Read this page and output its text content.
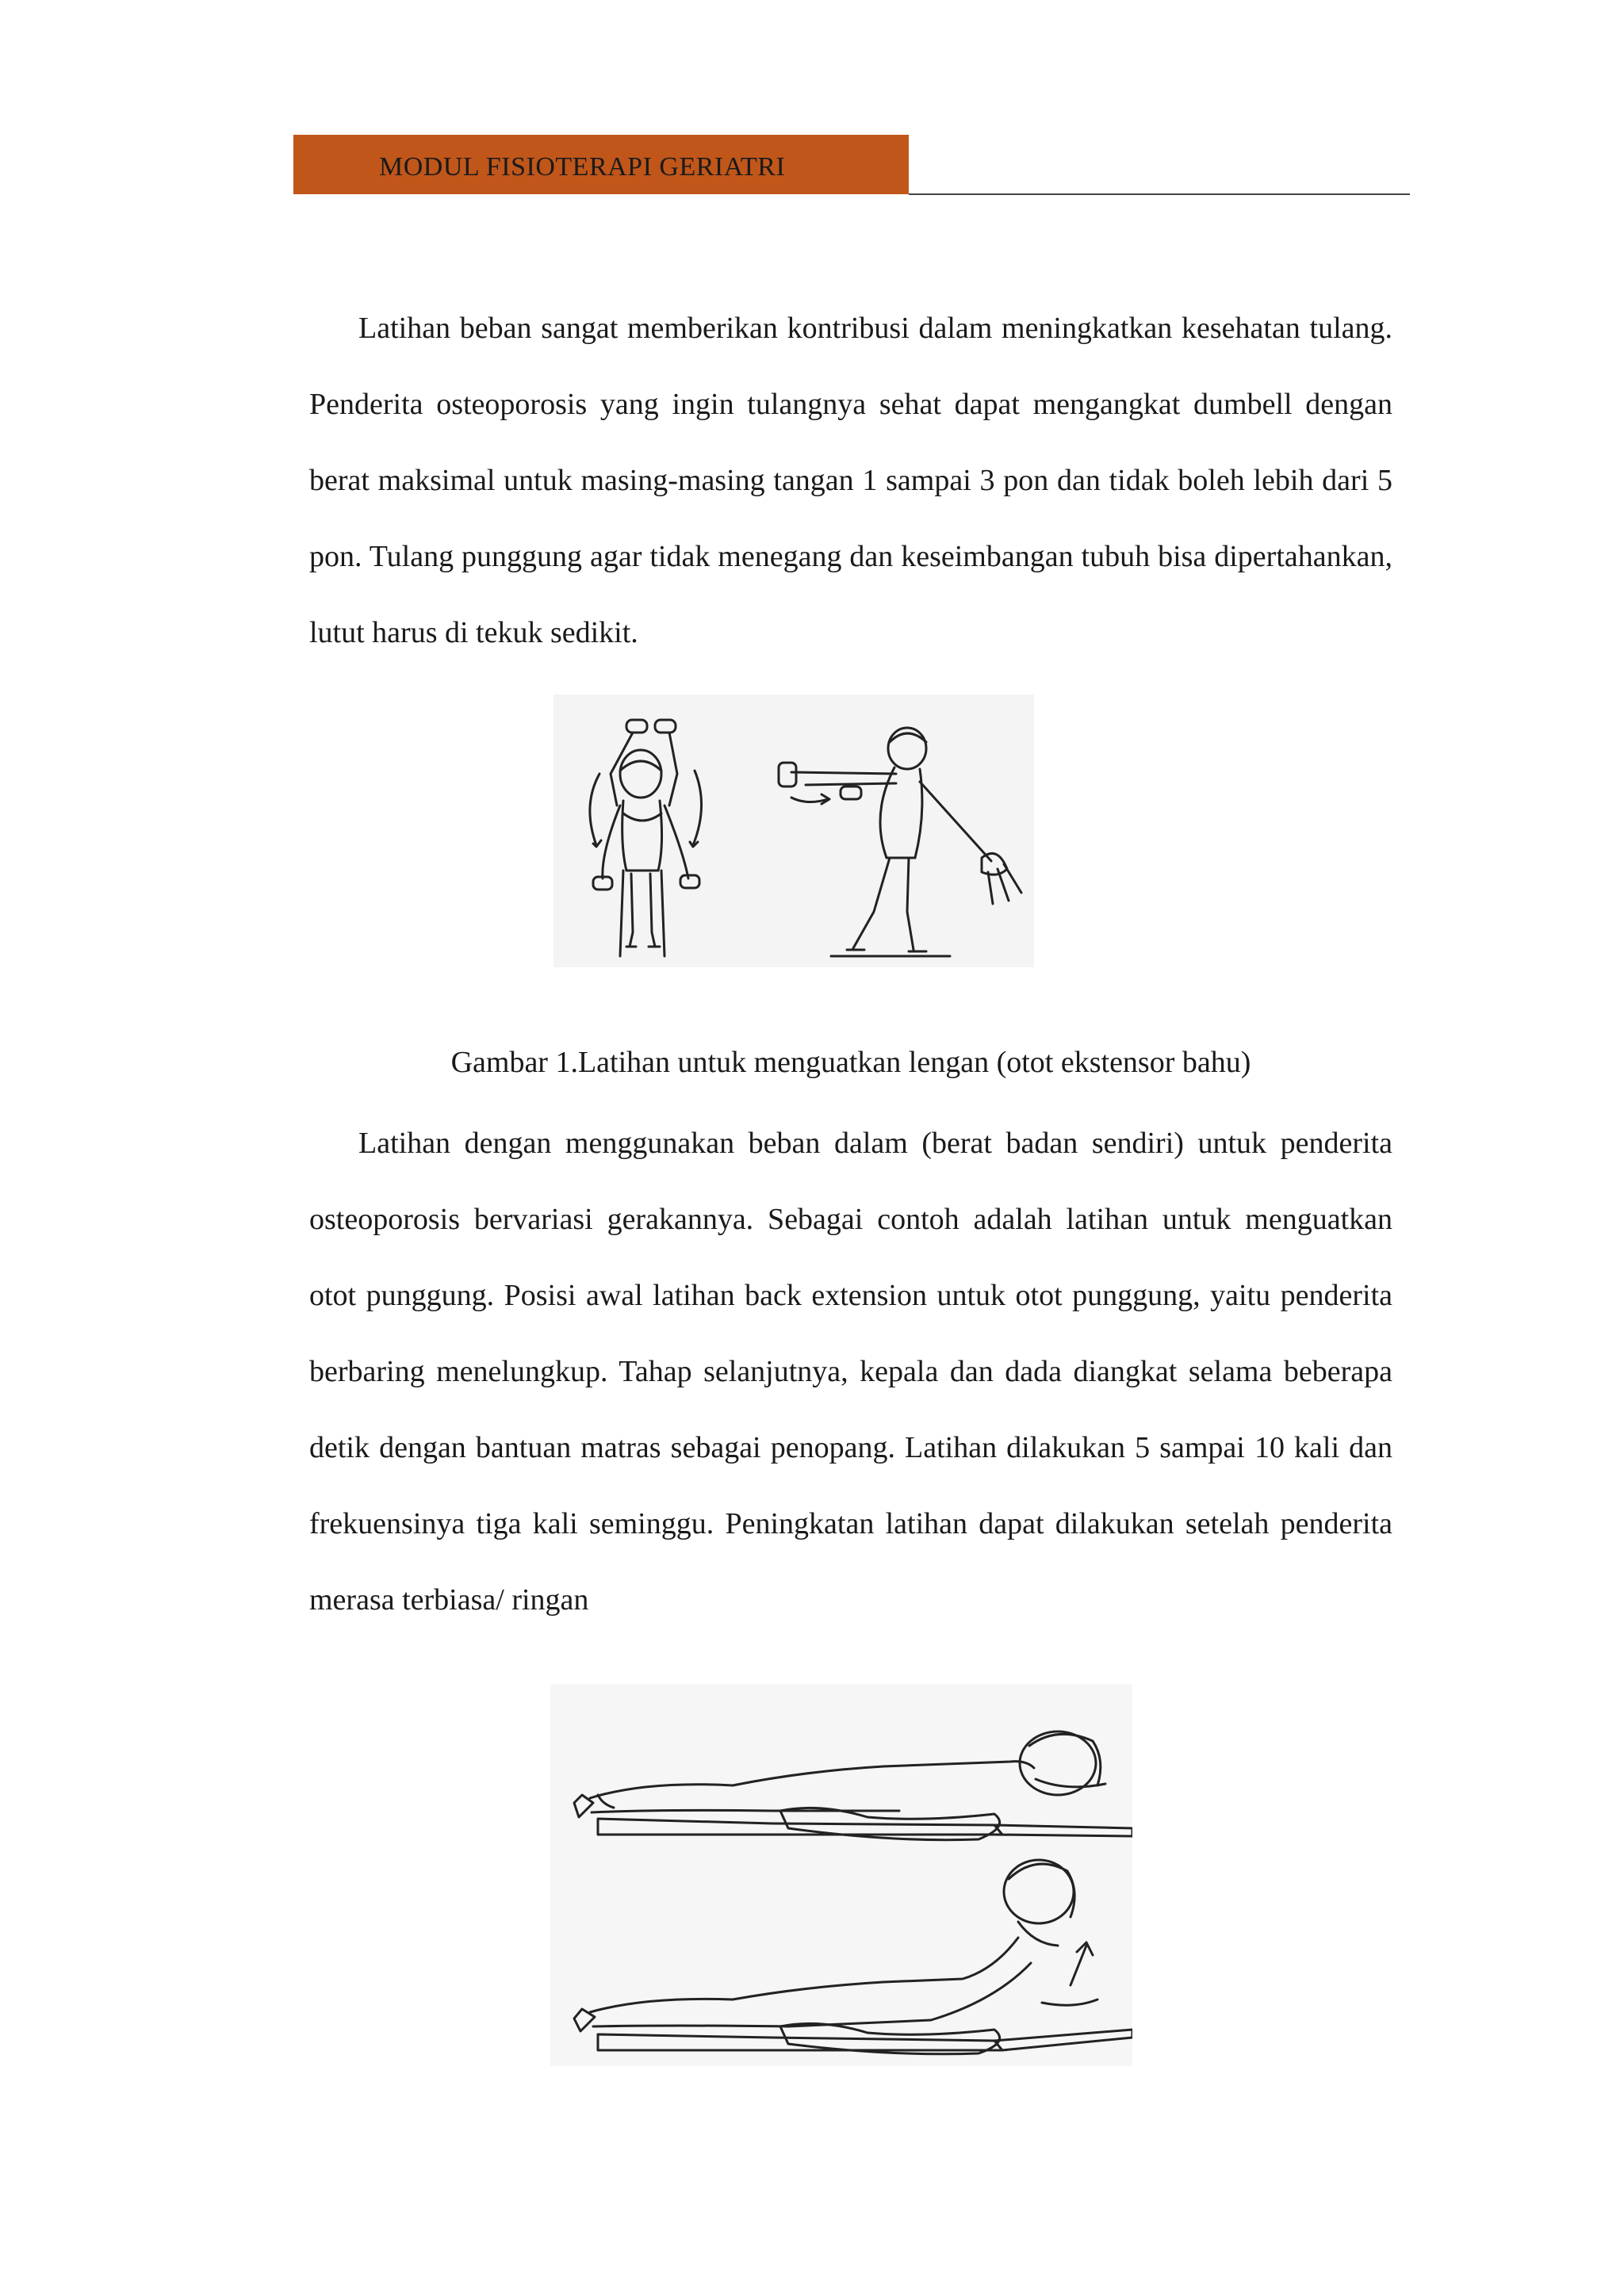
MODUL FISIOTERAPI GERIATRI

Latihan beban sangat memberikan kontribusi dalam meningkatkan kesehatan tulang. Penderita osteoporosis yang ingin tulangnya sehat dapat mengangkat dumbell dengan berat maksimal untuk masing-masing tangan 1 sampai 3 pon dan tidak boleh lebih dari 5 pon. Tulang punggung agar tidak menegang dan keseimbangan tubuh bisa dipertahankan, lutut harus di tekuk sedikit.

Gambar 1.Latihan untuk menguatkan lengan (otot ekstensor bahu)

Latihan dengan menggunakan beban dalam (berat badan sendiri) untuk penderita osteoporosis bervariasi gerakannya. Sebagai contoh adalah latihan untuk menguatkan otot punggung. Posisi awal latihan back extension untuk otot punggung, yaitu penderita berbaring menelungkup. Tahap selanjutnya, kepala dan dada diangkat selama beberapa detik dengan bantuan matras sebagai penopang. Latihan dilakukan 5 sampai 10 kali dan frekuensinya tiga kali seminggu. Peningkatan latihan dapat dilakukan setelah penderita merasa terbiasa/ ringan
